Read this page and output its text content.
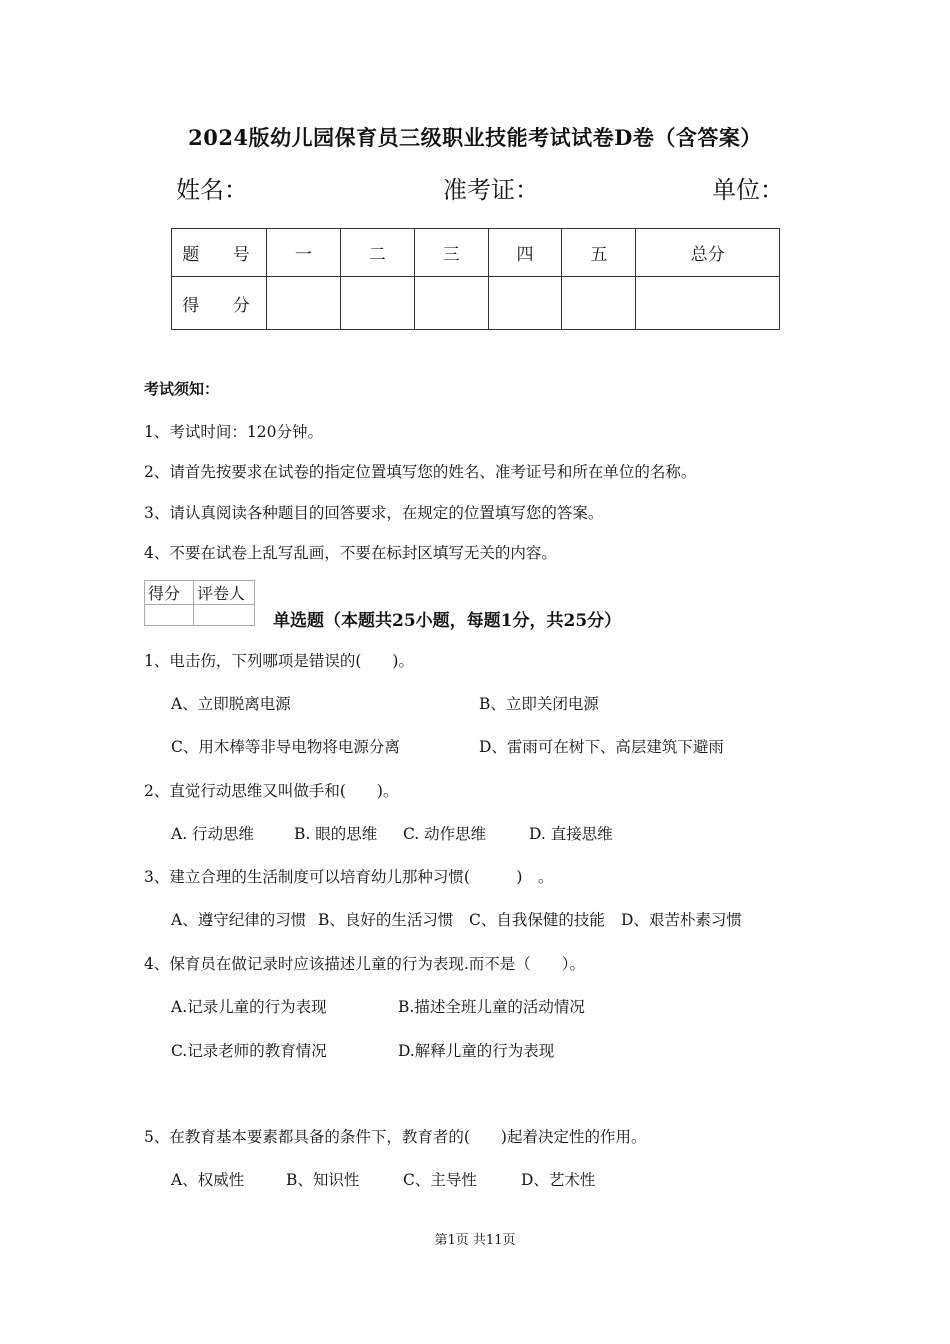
2024版幼儿园保育员三级职业技能考试试卷D卷（含答案）
姓名：	准考证：	单位：
题 号	一	二	三	四	五	总分
得 分						
考试须知：
1、考试时间：120分钟。
2、请首先按要求在试卷的指定位置填写您的姓名、准考证号和所在单位的名称。
3、请认真阅读各种题目的回答要求，在规定的位置填写您的答案。
4、不要在试卷上乱写乱画，不要在标封区填写无关的内容。
得分	评卷人

单选题（本题共25小题，每题1分，共25分）
1、电击伤，下列哪项是错误的(　　)。
A、立即脱离电源	B、立即关闭电源
C、用木棒等非导电物将电源分离	D、雷雨可在树下、高层建筑下避雨
2、直觉行动思维又叫做手和(　　)。
A. 行动思维	B. 眼的思维 C. 动作思维	D. 直接思维
3、建立合理的生活制度可以培育幼儿那种习惯(　　　)　。
A、遵守纪律的习惯 B、良好的生活习惯 C、自我保健的技能 D、艰苦朴素习惯
4、保育员在做记录时应该描述儿童的行为表现.而不是（　　）。
A.记录儿童的行为表现	B.描述全班儿童的活动情况
C.记录老师的教育情况	D.解释儿童的行为表现
5、在教育基本要素都具备的条件下，教育者的(　　)起着决定性的作用。
A、权威性	B、知识性	C、主导性	D、艺术性
第1页 共11页
